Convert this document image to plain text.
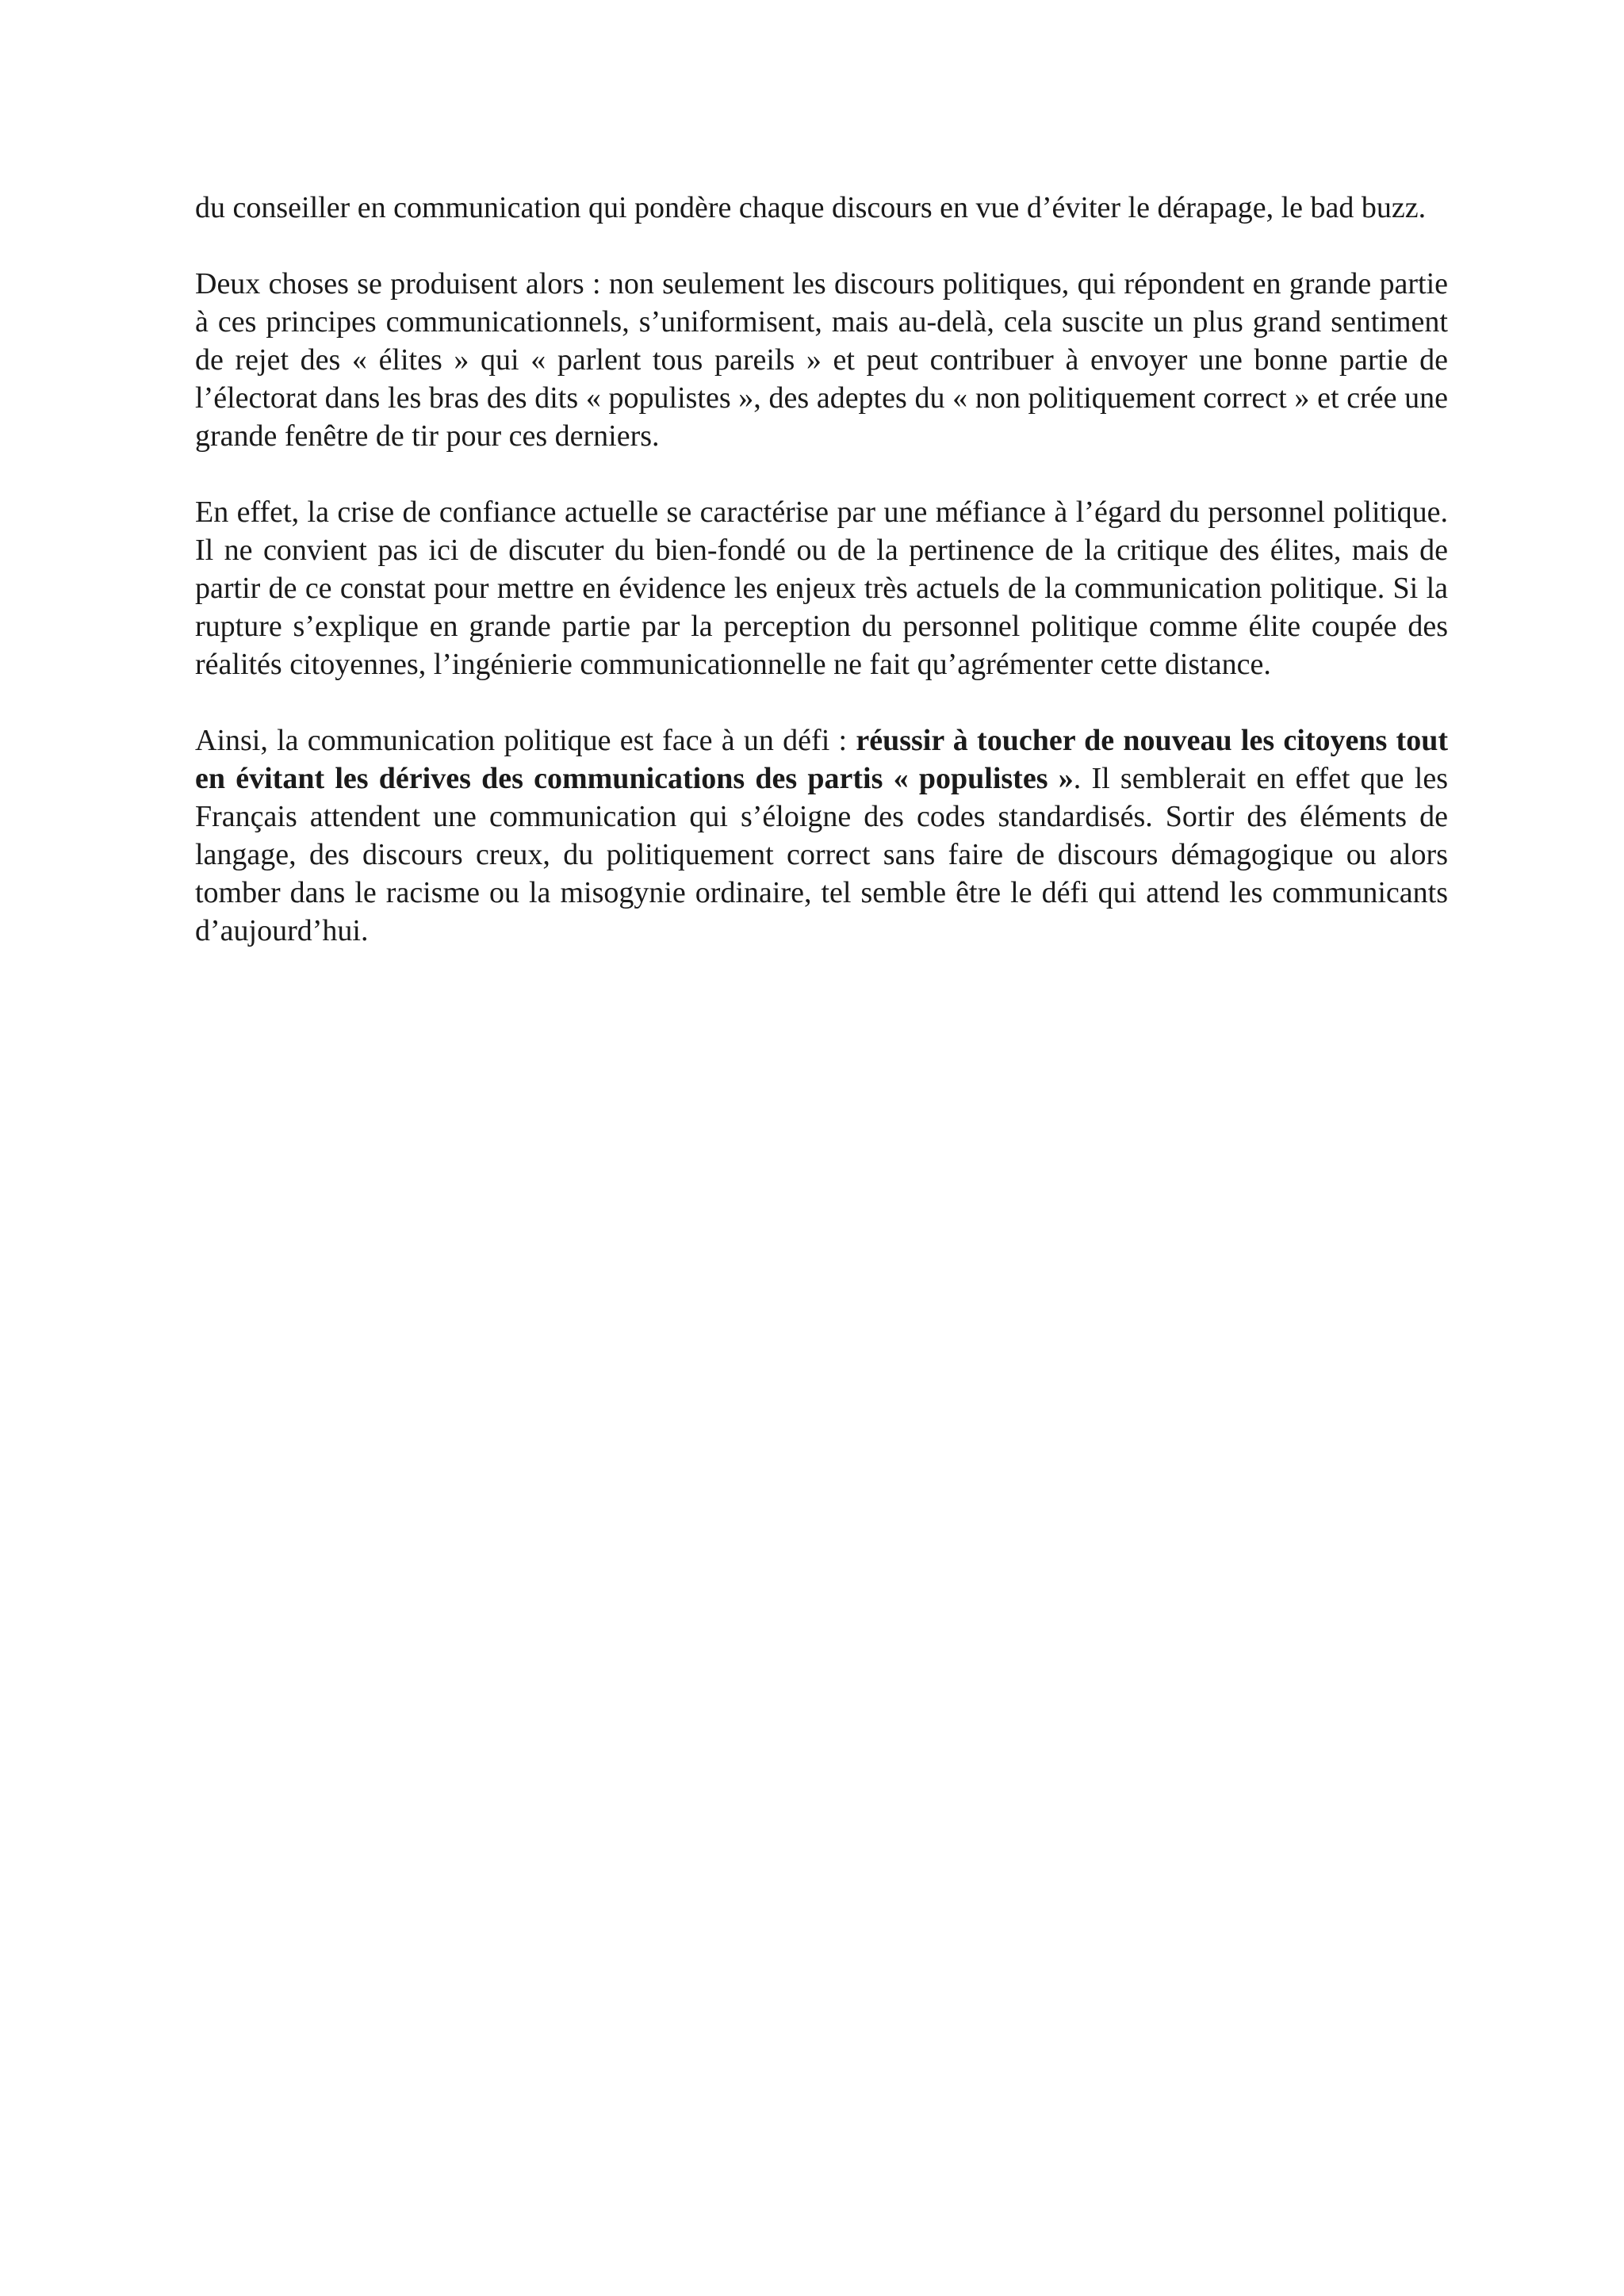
du conseiller en communication qui pondère chaque discours en vue d’éviter le dérapage, le bad buzz.

Deux choses se produisent alors : non seulement les discours politiques, qui répondent en grande partie à ces principes communicationnels, s’uniformisent, mais au-delà, cela suscite un plus grand sentiment de rejet des « élites » qui « parlent tous pareils » et peut contribuer à envoyer une bonne partie de l’électorat dans les bras des dits « populistes », des adeptes du « non politiquement correct » et crée une grande fenêtre de tir pour ces derniers.

En effet, la crise de confiance actuelle se caractérise par une méfiance à l’égard du personnel politique. Il ne convient pas ici de discuter du bien-fondé ou de la pertinence de la critique des élites, mais de partir de ce constat pour mettre en évidence les enjeux très actuels de la communication politique. Si la rupture s’explique en grande partie par la perception du personnel politique comme élite coupée des réalités citoyennes, l’ingénierie communicationnelle ne fait qu’agrémenter cette distance.

Ainsi, la communication politique est face à un défi : réussir à toucher de nouveau les citoyens tout en évitant les dérives des communications des partis « populistes ». Il semblerait en effet que les Français attendent une communication qui s’éloigne des codes standardisés. Sortir des éléments de langage, des discours creux, du politiquement correct sans faire de discours démagogique ou alors tomber dans le racisme ou la misogynie ordinaire, tel semble être le défi qui attend les communicants d’aujourd’hui.
